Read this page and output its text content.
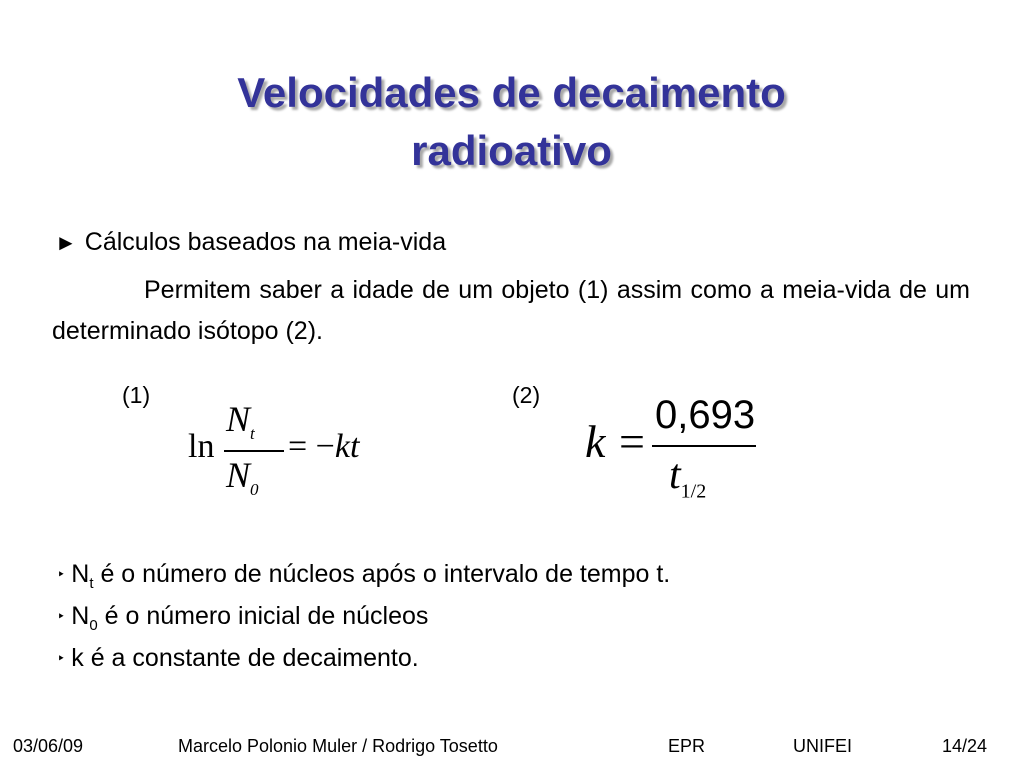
Velocidades de decaimento
radioativo
► Cálculos baseados na meia-vida
Permitem saber a idade de um objeto (1) assim como a meia-vida de um determinado isótopo (2).
(1)	(2)
ln
$N_t$
$N_0$
= −kt	k =
0,693
$t_{1/2}$
‣ $N_t$ é o número de núcleos após o intervalo de tempo t.
‣ $N_0$ é o número inicial de núcleos
‣ k é a constante de decaimento.
03/06/09	Marcelo Polonio Muler / Rodrigo Tosetto	EPR	UNIFEI	14/24
